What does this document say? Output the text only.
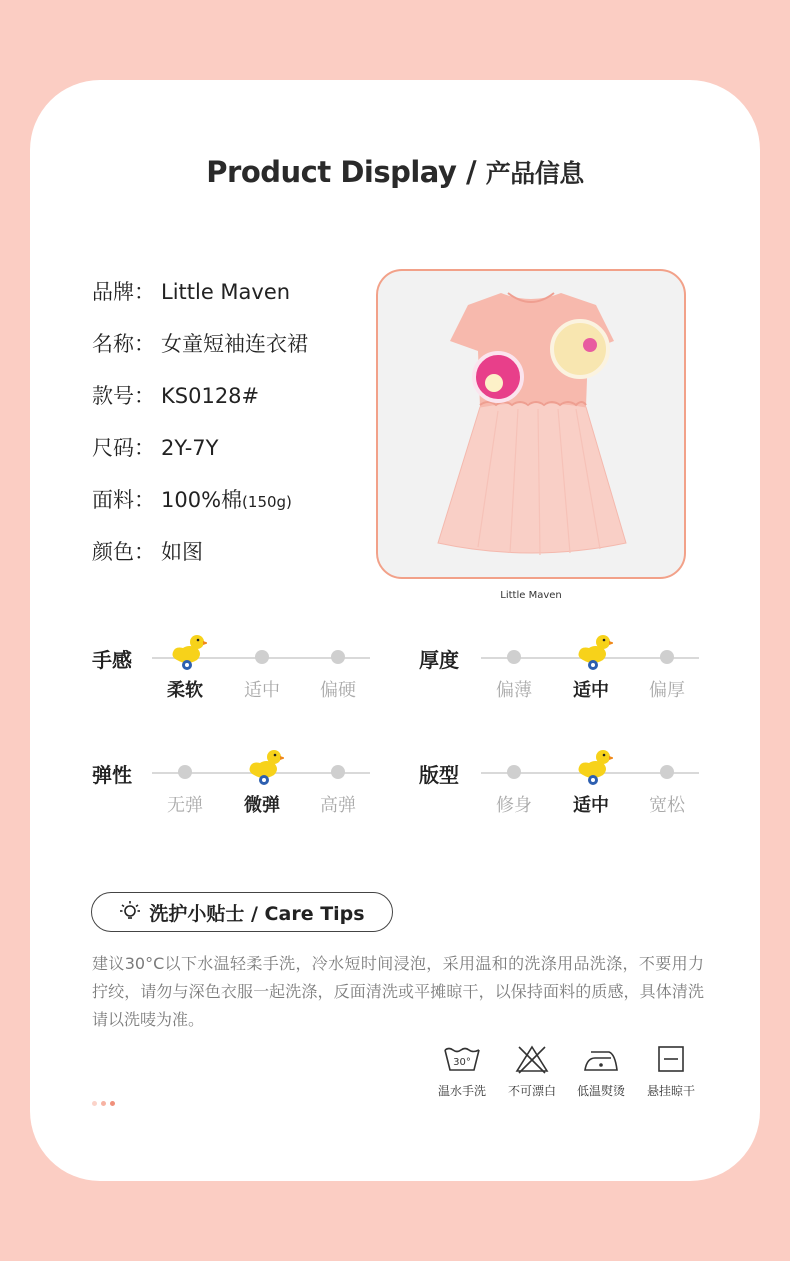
Product Display / 产品信息
品牌： Little Maven
名称： 女童短袖连衣裙
款号： KS0128#
尺码： 2Y-7Y
面料： 100%棉(150g)
颜色： 如图
Little Maven
手感
柔软	适中	偏硬
厚度
偏薄	适中	偏厚
弹性
无弹	微弹	高弹
版型
修身	适中	宽松
洗护小贴士 / Care Tips
建议30°C以下水温轻柔手洗，冷水短时间浸泡，采用温和的洗涤用品洗涤，不要用力拧绞，请勿与深色衣服一起洗涤，反面清洗或平摊晾干，以保持面料的质感，具体清洗请以洗唛为准。
30°
温水手洗	不可漂白	低温熨烫	悬挂晾干
